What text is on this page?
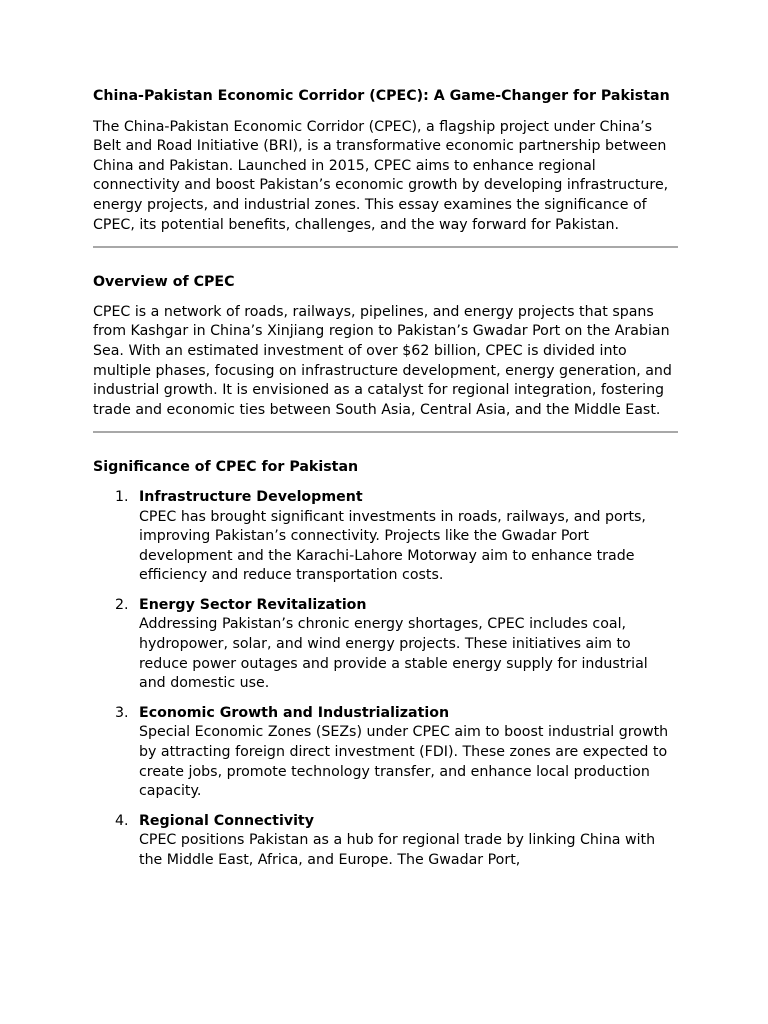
China-Pakistan Economic Corridor (CPEC): A Game-Changer for Pakistan

The China-Pakistan Economic Corridor (CPEC), a flagship project under China’s Belt and Road Initiative (BRI), is a transformative economic partnership between China and Pakistan. Launched in 2015, CPEC aims to enhance regional connectivity and boost Pakistan’s economic growth by developing infrastructure, energy projects, and industrial zones. This essay examines the significance of CPEC, its potential benefits, challenges, and the way forward for Pakistan.

Overview of CPEC

CPEC is a network of roads, railways, pipelines, and energy projects that spans from Kashgar in China’s Xinjiang region to Pakistan’s Gwadar Port on the Arabian Sea. With an estimated investment of over $62 billion, CPEC is divided into multiple phases, focusing on infrastructure development, energy generation, and industrial growth. It is envisioned as a catalyst for regional integration, fostering trade and economic ties between South Asia, Central Asia, and the Middle East.

Significance of CPEC for Pakistan
1. Infrastructure Development
CPEC has brought significant investments in roads, railways, and ports, improving Pakistan’s connectivity. Projects like the Gwadar Port development and the Karachi-Lahore Motorway aim to enhance trade efficiency and reduce transportation costs.
2. Energy Sector Revitalization
Addressing Pakistan’s chronic energy shortages, CPEC includes coal, hydropower, solar, and wind energy projects. These initiatives aim to reduce power outages and provide a stable energy supply for industrial and domestic use.
3. Economic Growth and Industrialization
Special Economic Zones (SEZs) under CPEC aim to boost industrial growth by attracting foreign direct investment (FDI). These zones are expected to create jobs, promote technology transfer, and enhance local production capacity.
4. Regional Connectivity
CPEC positions Pakistan as a hub for regional trade by linking China with the Middle East, Africa, and Europe. The Gwadar Port,
